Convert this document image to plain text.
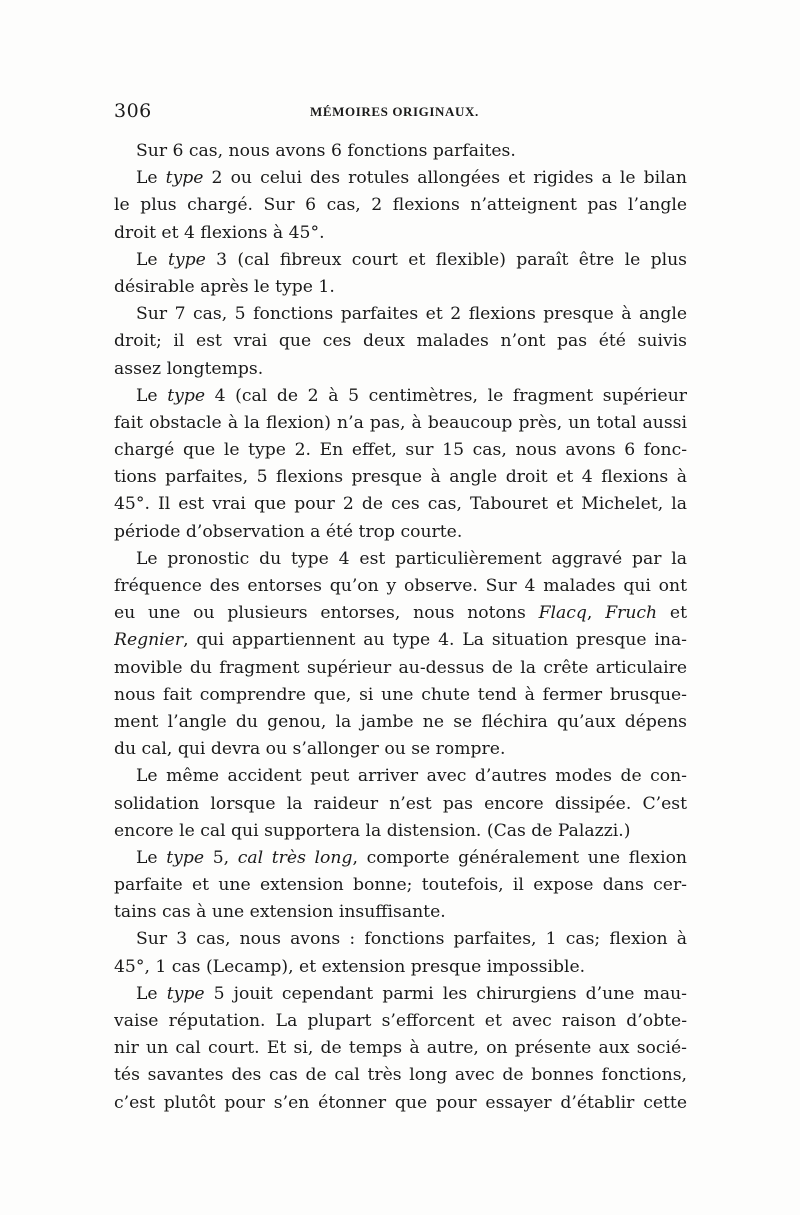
306	MÉMOIRES ORIGINAUX.
Sur 6 cas, nous avons 6 fonctions parfaites.
Le type 2 ou celui des rotules allongées et rigides a le bilan
le plus chargé. Sur 6 cas, 2 flexions n’atteignent pas l’angle
droit et 4 flexions à 45°.
Le type 3 (cal fibreux court et flexible) paraît être le plus
désirable après le type 1.
Sur 7 cas, 5 fonctions parfaites et 2 flexions presque à angle
droit; il est vrai que ces deux malades n’ont pas été suivis
assez longtemps.
Le type 4 (cal de 2 à 5 centimètres, le fragment supérieur
fait obstacle à la flexion) n’a pas, à beaucoup près, un total aussi
chargé que le type 2. En effet, sur 15 cas, nous avons 6 fonc-
tions parfaites, 5 flexions presque à angle droit et 4 flexions à
45°. Il est vrai que pour 2 de ces cas, Tabouret et Michelet, la
période d’observation a été trop courte.
Le pronostic du type 4 est particulièrement aggravé par la
fréquence des entorses qu’on y observe. Sur 4 malades qui ont
eu une ou plusieurs entorses, nous notons Flacq, Fruch et
Regnier, qui appartiennent au type 4. La situation presque ina-
movible du fragment supérieur au-dessus de la crête articulaire
nous fait comprendre que, si une chute tend à fermer brusque-
ment l’angle du genou, la jambe ne se fléchira qu’aux dépens
du cal, qui devra ou s’allonger ou se rompre.
Le même accident peut arriver avec d’autres modes de con-
solidation lorsque la raideur n’est pas encore dissipée. C’est
encore le cal qui supportera la distension. (Cas de Palazzi.)
Le type 5, cal très long, comporte généralement une flexion
parfaite et une extension bonne; toutefois, il expose dans cer-
tains cas à une extension insuffisante.
Sur 3 cas, nous avons : fonctions parfaites, 1 cas; flexion à
45°, 1 cas (Lecamp), et extension presque impossible.
Le type 5 jouit cependant parmi les chirurgiens d’une mau-
vaise réputation. La plupart s’efforcent et avec raison d’obte-
nir un cal court. Et si, de temps à autre, on présente aux socié-
tés savantes des cas de cal très long avec de bonnes fonctions,
c’est plutôt pour s’en étonner que pour essayer d’établir cette
